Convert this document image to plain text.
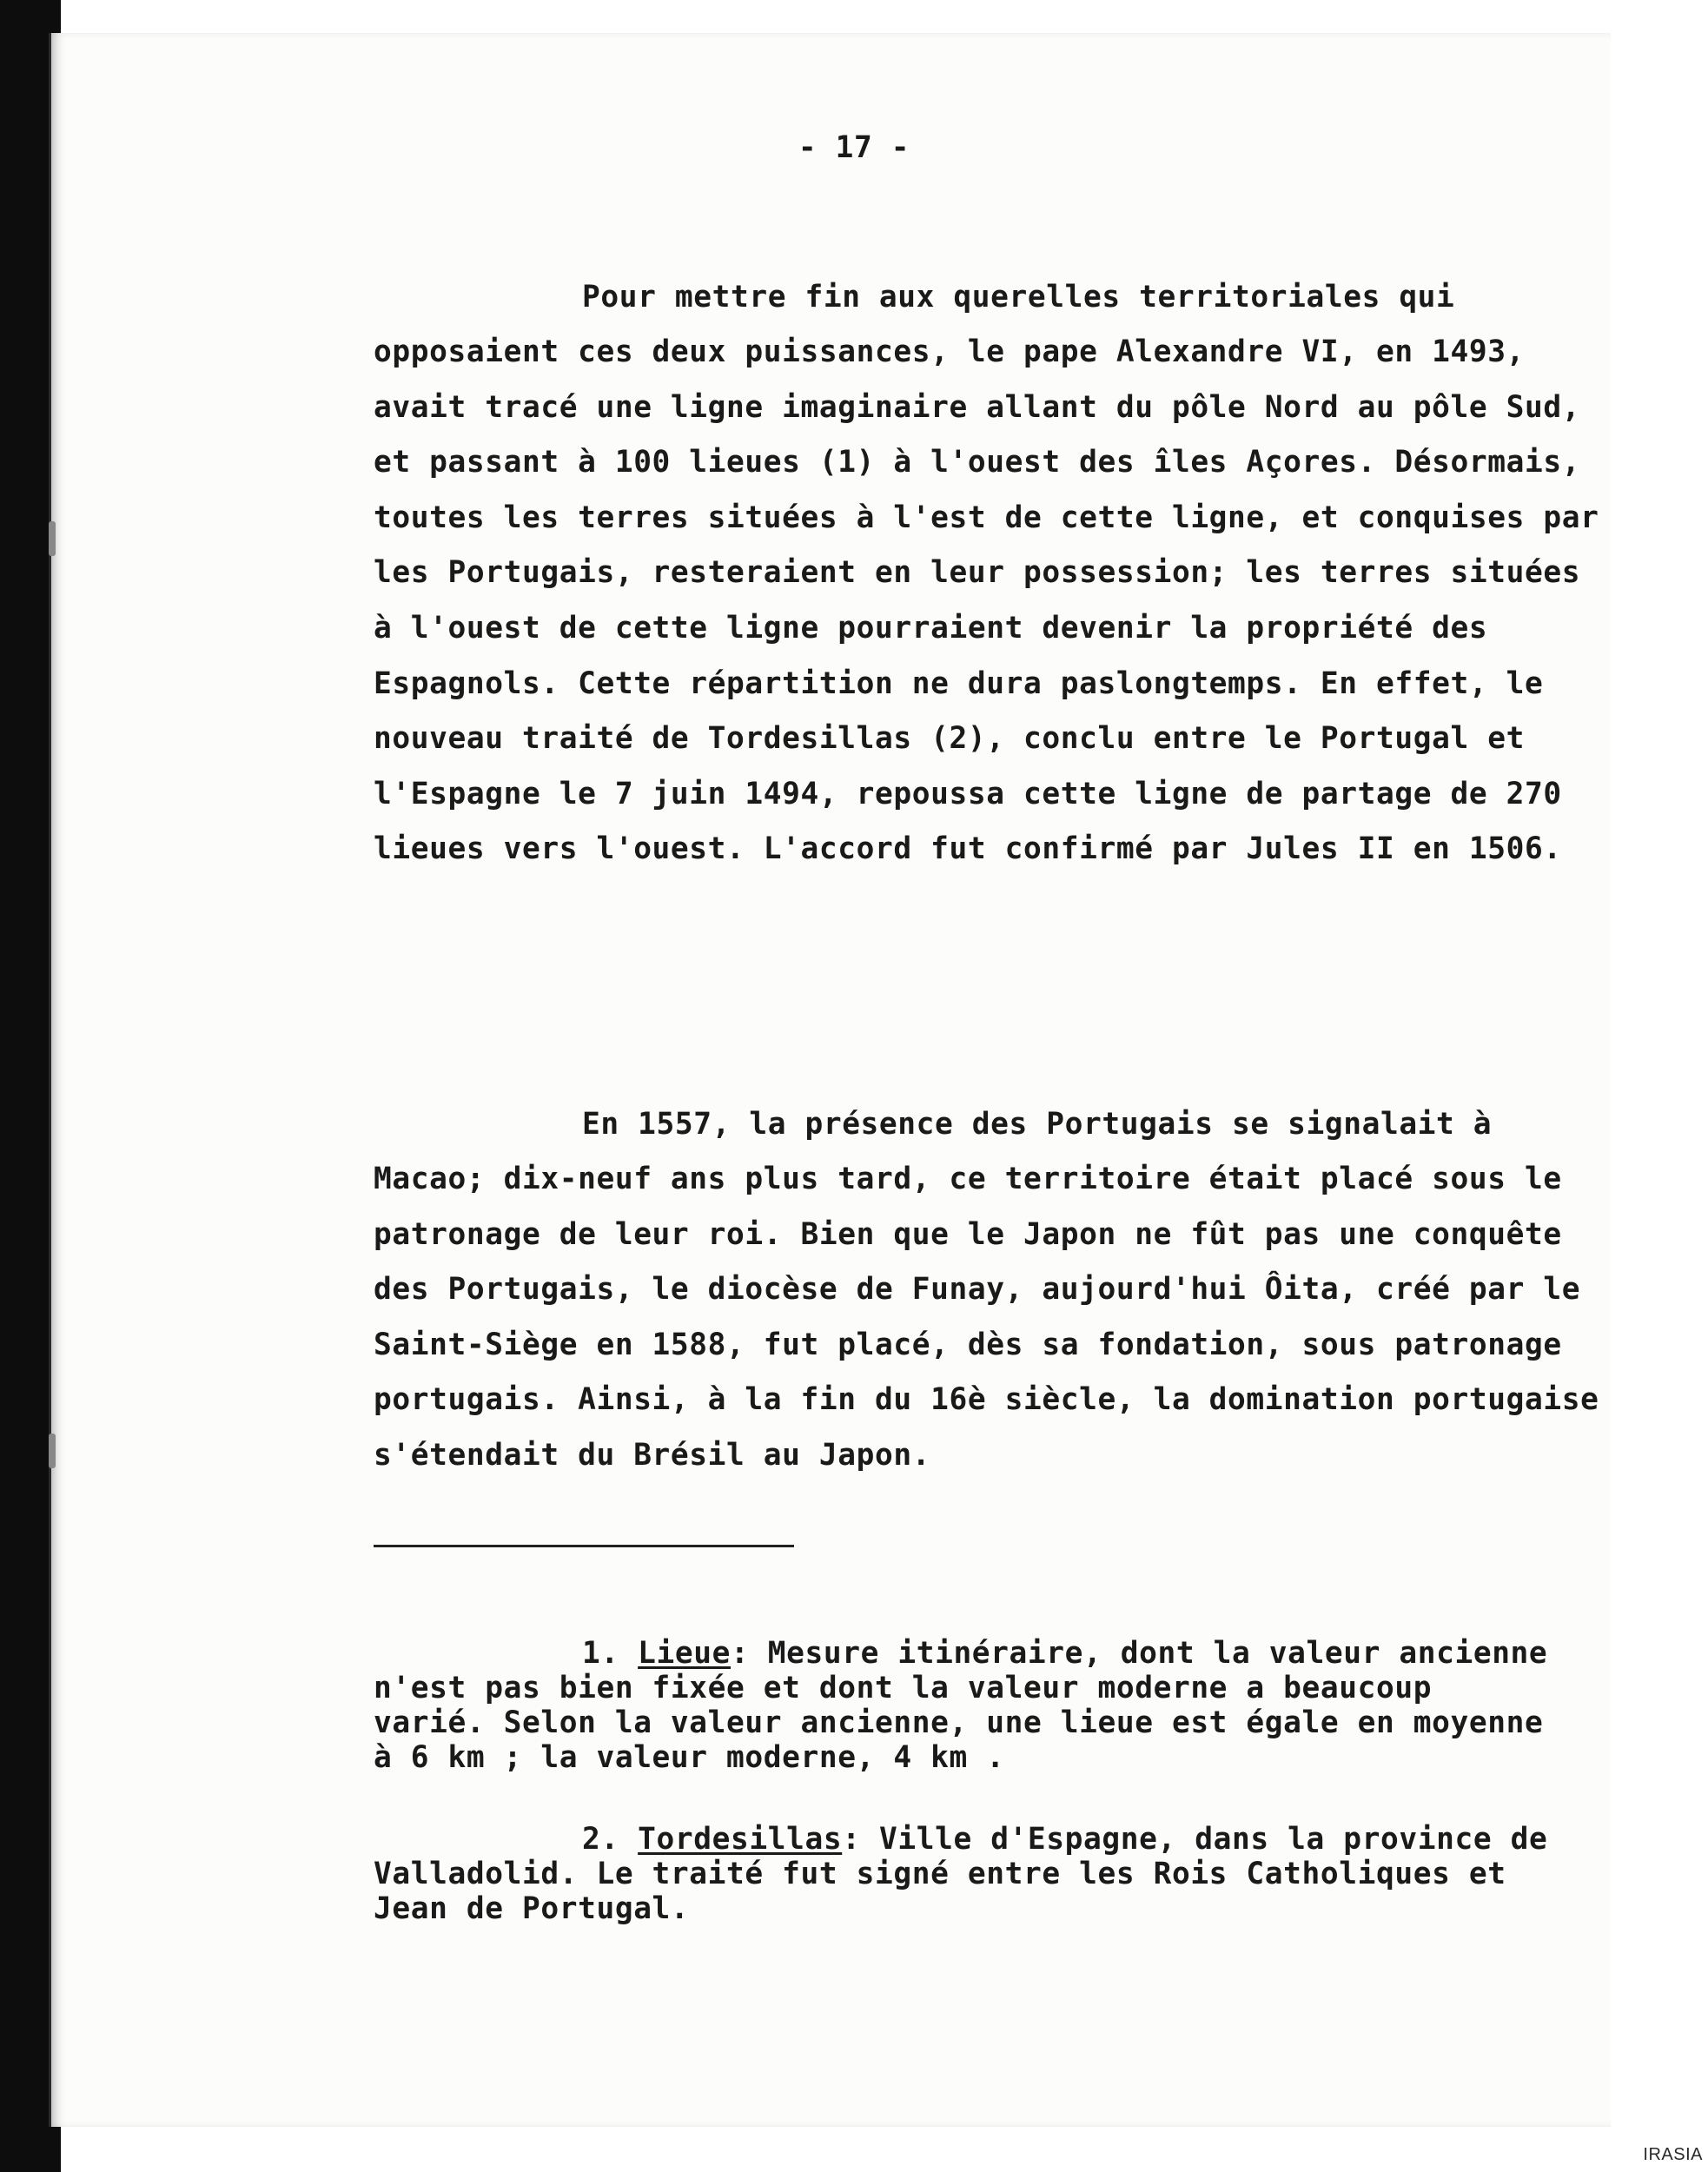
- 17 -

Pour mettre fin aux querelles territoriales qui opposaient ces deux puissances, le pape Alexandre VI, en 1493, avait tracé une ligne imaginaire allant du pôle Nord au pôle Sud, et passant à 100 lieues (1) à l'ouest des îles Açores. Désormais, toutes les terres situées à l'est de cette ligne, et conquises par les Portugais, resteraient en leur possession; les terres situées à l'ouest de cette ligne pourraient devenir la propriété des Espagnols. Cette répartition ne dura paslongtemps. En effet, le nouveau traité de Tordesillas (2), conclu entre le Portugal et l'Espagne le 7 juin 1494, repoussa cette ligne de partage de 270 lieues vers l'ouest. L'accord fut confirmé par Jules II en 1506.

En 1557, la présence des Portugais se signalait à Macao; dix-neuf ans plus tard, ce territoire était placé sous le patronage de leur roi. Bien que le Japon ne fût pas une conquête des Portugais, le diocèse de Funay, aujourd'hui Ôita, créé par le Saint-Siège en 1588, fut placé, dès sa fondation, sous patronage portugais. Ainsi, à la fin du 16è siècle, la domination portugaise s'étendait du Brésil au Japon.

1. Lieue: Mesure itinéraire, dont la valeur ancienne n'est pas bien fixée et dont la valeur moderne a beaucoup varié. Selon la valeur ancienne, une lieue est égale en moyenne à 6 km ; la valeur moderne, 4 km .

2. Tordesillas: Ville d'Espagne, dans la province de Valladolid. Le traité fut signé entre les Rois Catholiques et Jean de Portugal.

IRASIA
